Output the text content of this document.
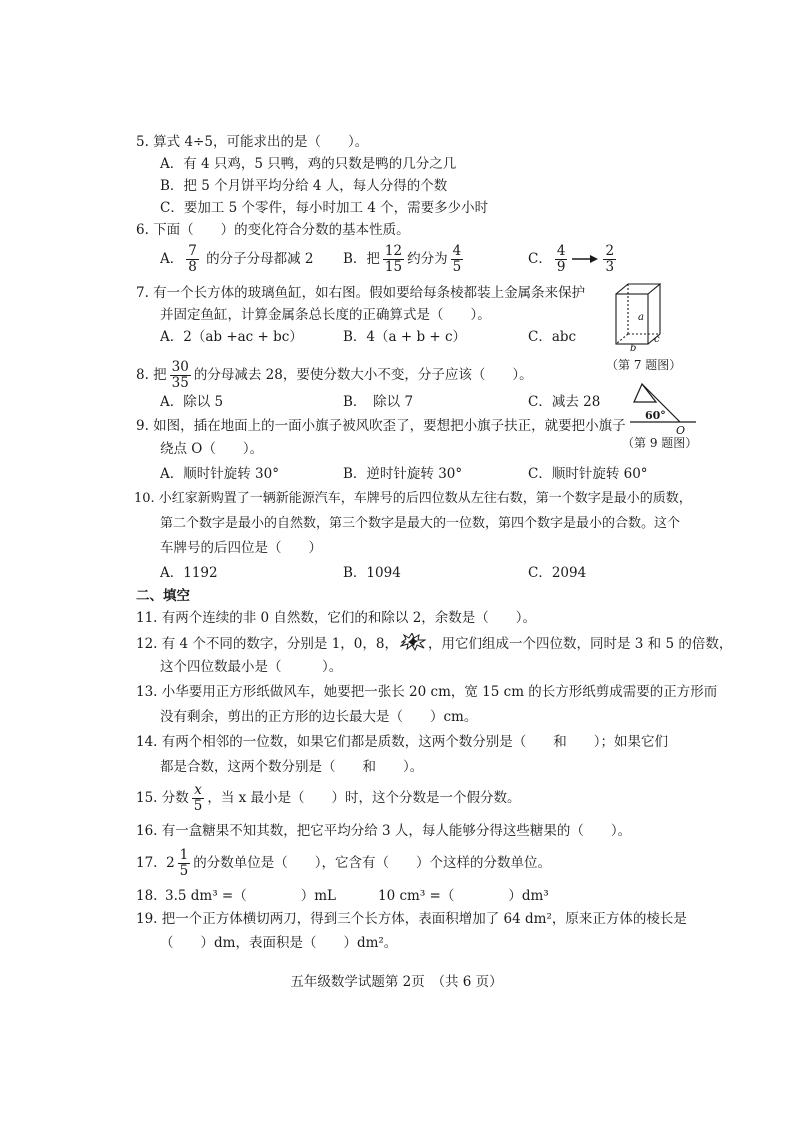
5. 算式 4÷5，可能求出的是（　　）。
A．有 4 只鸡，5 只鸭，鸡的只数是鸭的几分之几
B．把 5 个月饼平均分给 4 人，每人分得的个数
C．要加工 5 个零件，每小时加工 4 个，需要多少小时
6. 下面（　　）的变化符合分数的基本性质。
A． $\frac{7}{8}$ 的分子分母都减 2 B．把 $\frac{12}{15}$ 约分为 $\frac{4}{5}$	C． $\frac{4}{9}$	$\frac{2}{3}$
7. 有一个长方体的玻璃鱼缸，如右图。假如要给每条棱都装上金属条来保护
并固定鱼缸，计算金属条总长度的正确算式是（　　）。
A．2（ab +ac + bc）	B．4（a + b + c）	C．abc
a
b
c
（第 7 题图）
8. 把 $\frac{30}{35}$ 的分母减去 28，要使分数大小不变，分子应该（　　）。
A．除以 5	B．　除以 7	C．减去 28
60°
O
（第 9 题图）
9. 如图，插在地面上的一面小旗子被风吹歪了，要想把小旗子扶正，就要把小旗子
绕点 O（　　）。
A．顺时针旋转 30°	B．逆时针旋转 30°	C．顺时针旋转 60°
10. 小红家新购置了一辆新能源汽车，车牌号的后四位数从左往右数，第一个数字是最小的质数，
第二个数字是最小的自然数，第三个数字是最大的一位数，第四个数字是最小的合数。这个
车牌号的后四位是（　　）
A．1192	B．1094	C．2094
二、填空
11. 有两个连续的非 0 自然数，它们的和除以 2，余数是（　　）。
12. 有 4 个不同的数字，分别是 1，0，8， ，用它们组成一个四位数，同时是 3 和 5 的倍数，
这个四位数最小是（　　　）。
13. 小华要用正方形纸做风车，她要把一张长 20 cm，宽 15 cm 的长方形纸剪成需要的正方形而
没有剩余，剪出的正方形的边长最大是（　　）cm。
14. 有两个相邻的一位数，如果它们都是质数，这两个数分别是（　　和　　）；如果它们
都是合数，这两个数分别是（　　和　　）。
15. 分数 $\frac{x}{5}$ ，当 x 最小是（　　）时，这个分数是一个假分数。
16. 有一盒糖果不知其数，把它平均分给 3 人，每人能够分得这些糖果的（　　）。
17. $2 \frac{1}{5}$ 的分数单位是（　　），它含有（　　）个这样的分数单位。
18. 3.5 dm³ =（　　　　）mL	10 cm³ =（　　　　）dm³
19. 把一个正方体横切两刀，得到三个长方体，表面积增加了 64 dm²，原来正方体的棱长是
（　　）dm，表面积是（　　）dm²。
五年级数学试题第 2页　（共 6 页）
